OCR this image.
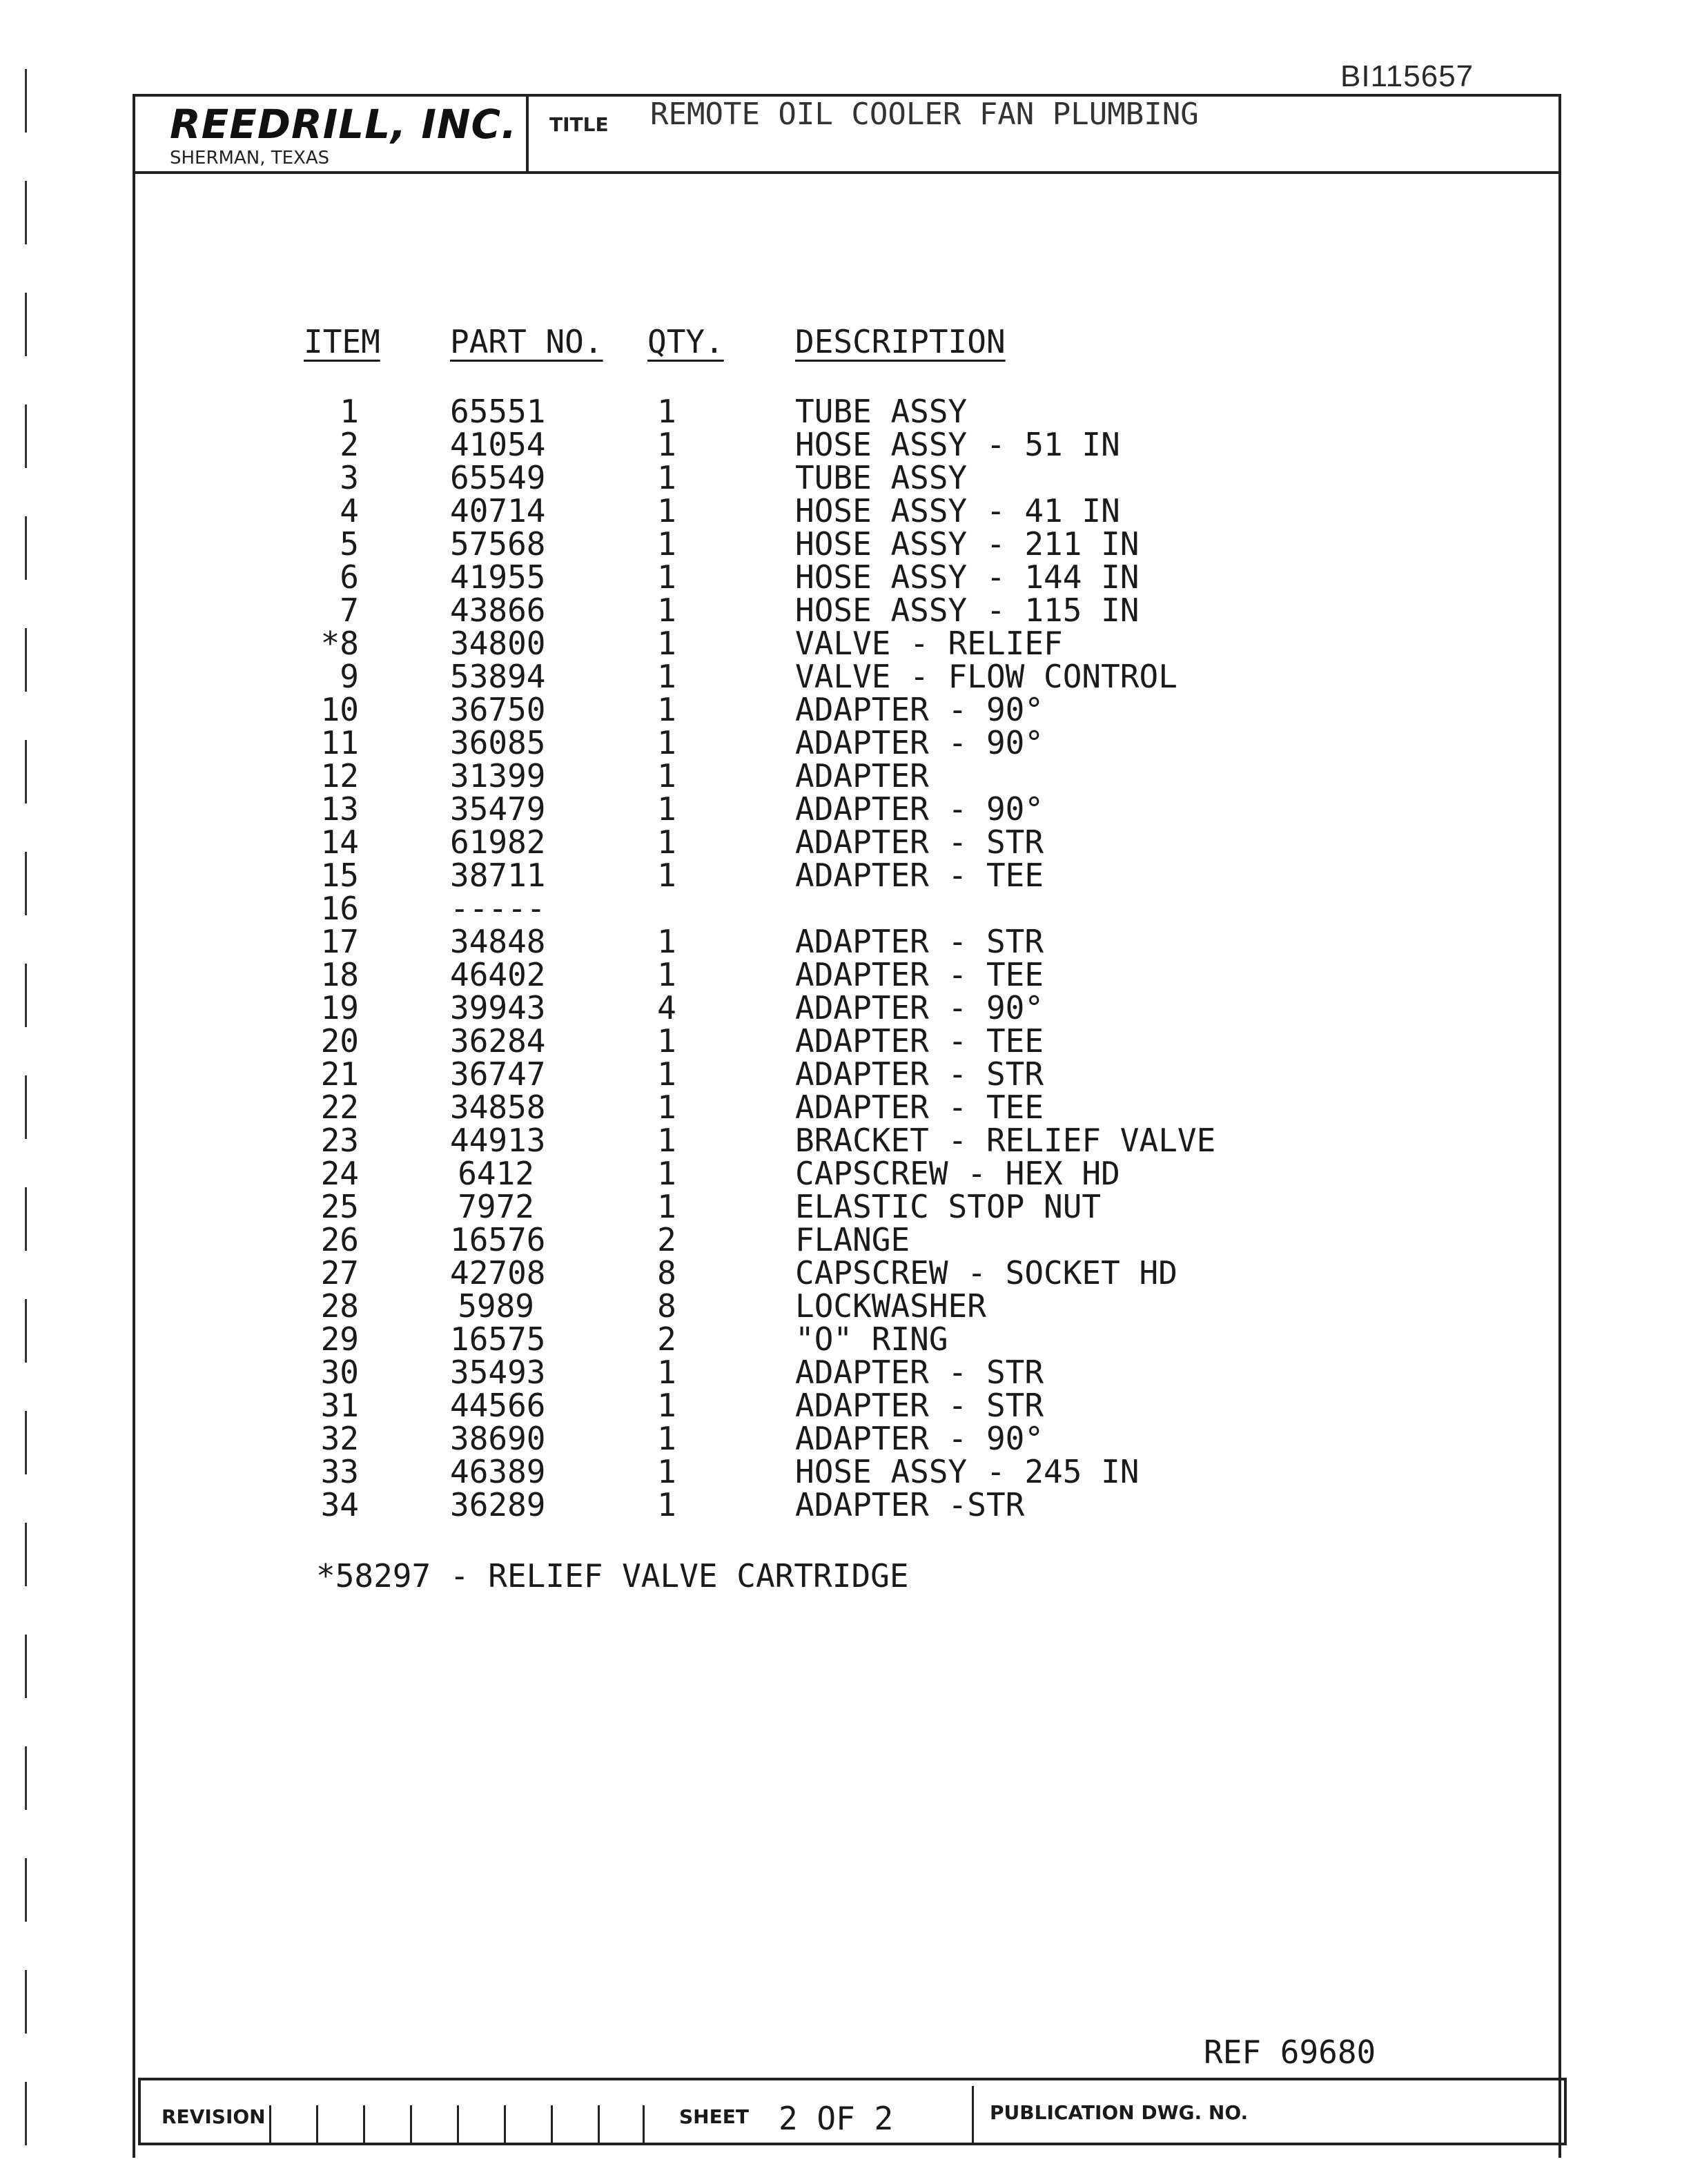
BI115657
REEDRILL, INC.
SHERMAN, TEXAS
TITLE REMOTE OIL COOLER FAN PLUMBING
ITEM PART NO. QTY. DESCRIPTION
1	65551	1	TUBE ASSY
2	41054	1	HOSE ASSY - 51 IN
3	65549	1	TUBE ASSY
4	40714	1	HOSE ASSY - 41 IN
5	57568	1	HOSE ASSY - 211 IN
6	41955	1	HOSE ASSY - 144 IN
7	43866	1	HOSE ASSY - 115 IN
*8	34800	1	VALVE - RELIEF
9	53894	1	VALVE - FLOW CONTROL
10	36750	1	ADAPTER - 90°
11	36085	1	ADAPTER - 90°
12	31399	1	ADAPTER
13	35479	1	ADAPTER - 90°
14	61982	1	ADAPTER - STR
15	38711	1	ADAPTER - TEE
16	-----
17	34848	1	ADAPTER - STR
18	46402	1	ADAPTER - TEE
19	39943	4	ADAPTER - 90°
20	36284	1	ADAPTER - TEE
21	36747	1	ADAPTER - STR
22	34858	1	ADAPTER - TEE
23	44913	1	BRACKET - RELIEF VALVE
24	6412	1	CAPSCREW - HEX HD
25	7972	1	ELASTIC STOP NUT
26	16576	2	FLANGE
27	42708	8	CAPSCREW - SOCKET HD
28	5989	8	LOCKWASHER
29	16575	2	"O" RING
30	35493	1	ADAPTER - STR
31	44566	1	ADAPTER - STR
32	38690	1	ADAPTER - 90°
33	46389	1	HOSE ASSY - 245 IN
34	36289	1	ADAPTER -STR
*58297 - RELIEF VALVE CARTRIDGE
REF 69680
REVISION	SHEET 2 OF 2	PUBLICATION DWG. NO.
